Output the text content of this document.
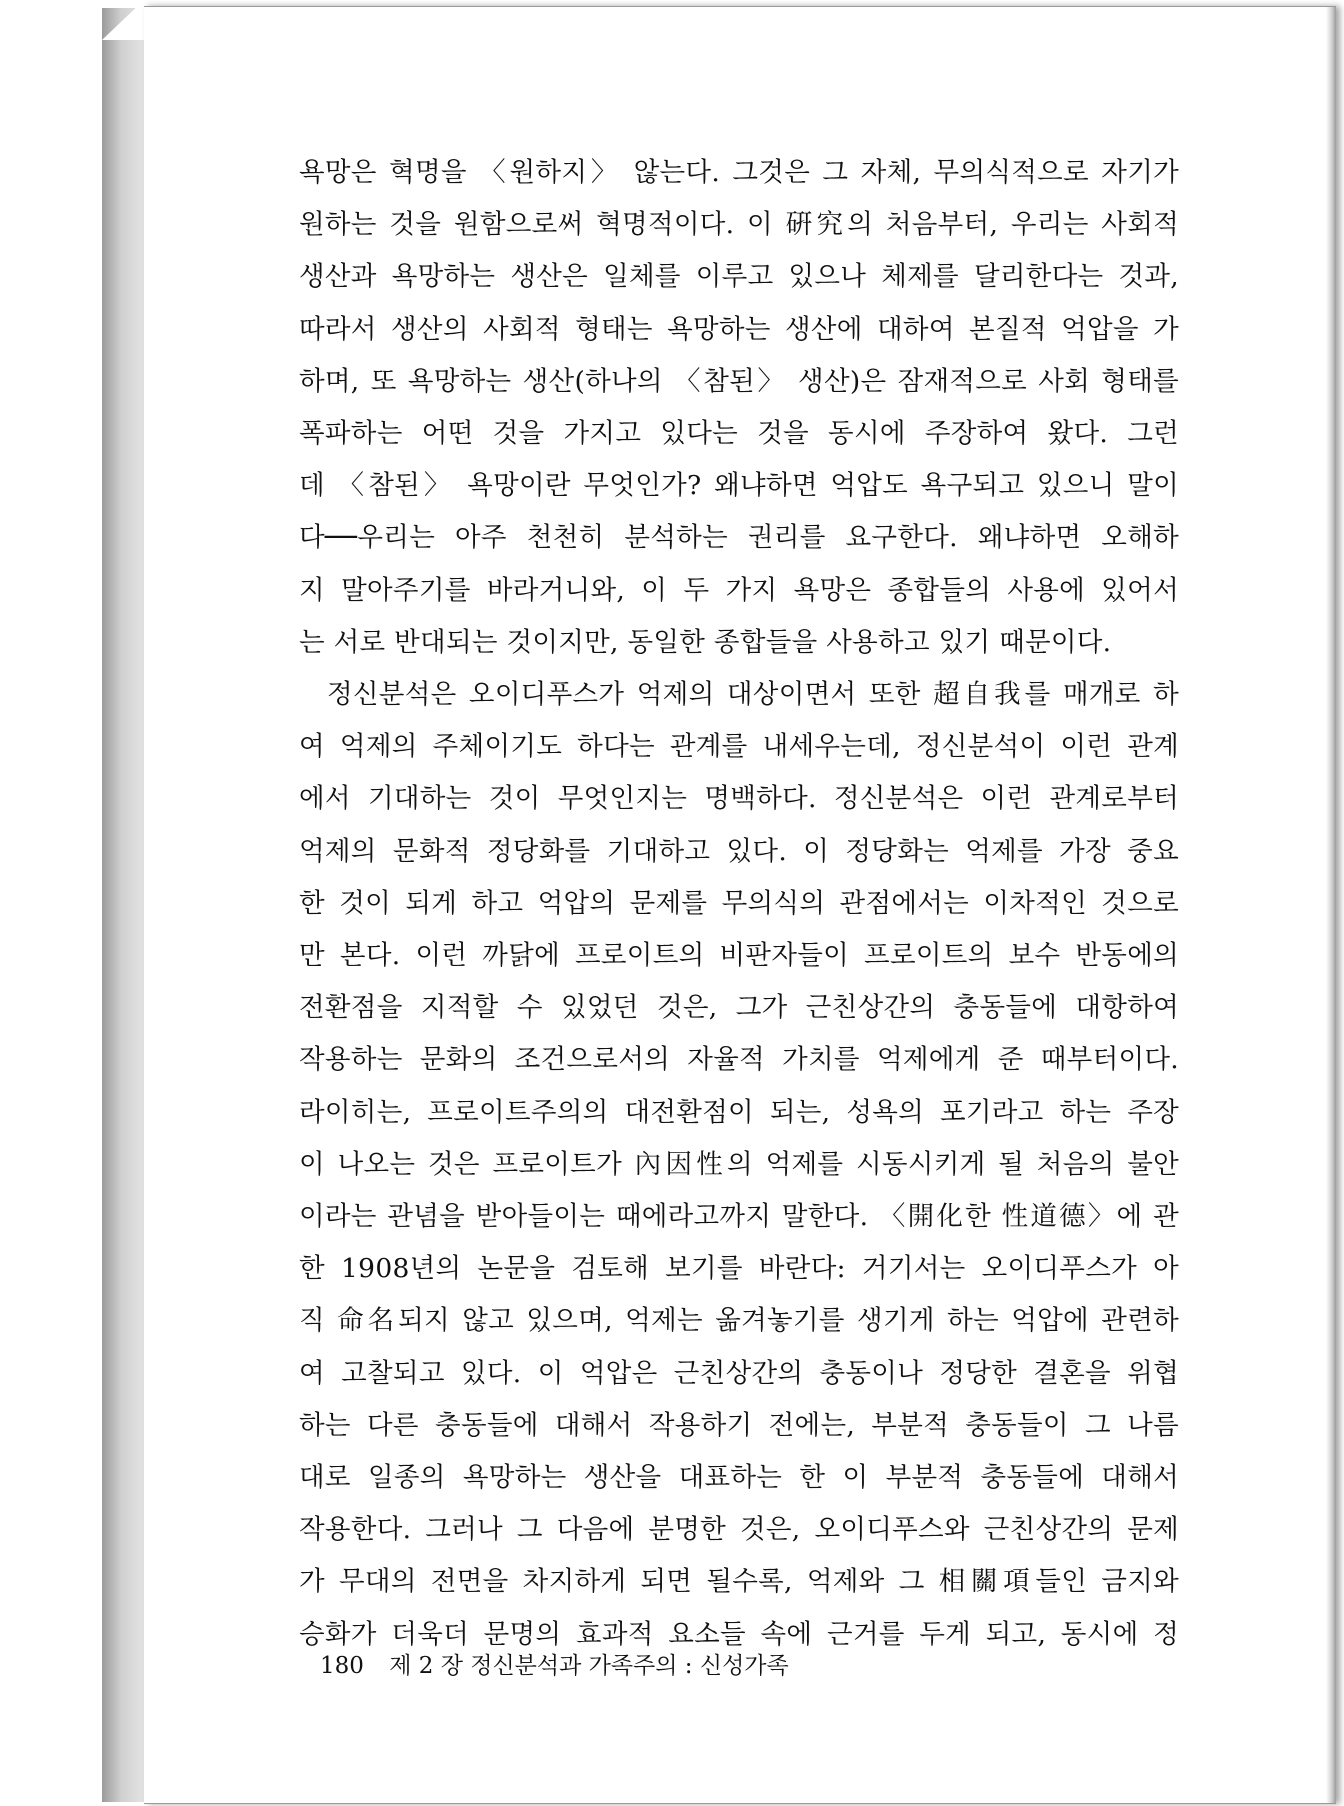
욕망은 혁명을 〈원하지〉 않는다. 그것은 그 자체, 무의식적으로 자기가
원하는 것을 원함으로써 혁명적이다. 이 硏究의 처음부터, 우리는 사회적
생산과 욕망하는 생산은 일체를 이루고 있으나 체제를 달리한다는 것과,
따라서 생산의 사회적 형태는 욕망하는 생산에 대하여 본질적 억압을 가
하며, 또 욕망하는 생산(하나의 〈참된〉 생산)은 잠재적으로 사회 형태를
폭파하는 어떤 것을 가지고 있다는 것을 동시에 주장하여 왔다. 그런
데 〈참된〉 욕망이란 무엇인가? 왜냐하면 억압도 욕구되고 있으니 말이
다──우리는 아주 천천히 분석하는 권리를 요구한다. 왜냐하면 오해하
지 말아주기를 바라거니와, 이 두 가지 욕망은 종합들의 사용에 있어서
는 서로 반대되는 것이지만, 동일한 종합들을 사용하고 있기 때문이다.
정신분석은 오이디푸스가 억제의 대상이면서 또한 超自我를 매개로 하
여 억제의 주체이기도 하다는 관계를 내세우는데, 정신분석이 이런 관계
에서 기대하는 것이 무엇인지는 명백하다. 정신분석은 이런 관계로부터
억제의 문화적 정당화를 기대하고 있다. 이 정당화는 억제를 가장 중요
한 것이 되게 하고 억압의 문제를 무의식의 관점에서는 이차적인 것으로
만 본다. 이런 까닭에 프로이트의 비판자들이 프로이트의 보수 반동에의
전환점을 지적할 수 있었던 것은, 그가 근친상간의 충동들에 대항하여
작용하는 문화의 조건으로서의 자율적 가치를 억제에게 준 때부터이다.
라이히는, 프로이트주의의 대전환점이 되는, 성욕의 포기라고 하는 주장
이 나오는 것은 프로이트가 內因性의 억제를 시동시키게 될 처음의 불안
이라는 관념을 받아들이는 때에라고까지 말한다. 〈開化한 性道德〉에 관
한 1908년의 논문을 검토해 보기를 바란다: 거기서는 오이디푸스가 아
직 命名되지 않고 있으며, 억제는 옮겨놓기를 생기게 하는 억압에 관련하
여 고찰되고 있다. 이 억압은 근친상간의 충동이나 정당한 결혼을 위협
하는 다른 충동들에 대해서 작용하기 전에는, 부분적 충동들이 그 나름
대로 일종의 욕망하는 생산을 대표하는 한 이 부분적 충동들에 대해서
작용한다. 그러나 그 다음에 분명한 것은, 오이디푸스와 근친상간의 문제
가 무대의 전면을 차지하게 되면 될수록, 억제와 그 相關項들인 금지와
승화가 더욱더 문명의 효과적 요소들 속에 근거를 두게 되고, 동시에 정
180 제 2 장 정신분석과 가족주의 : 신성가족
